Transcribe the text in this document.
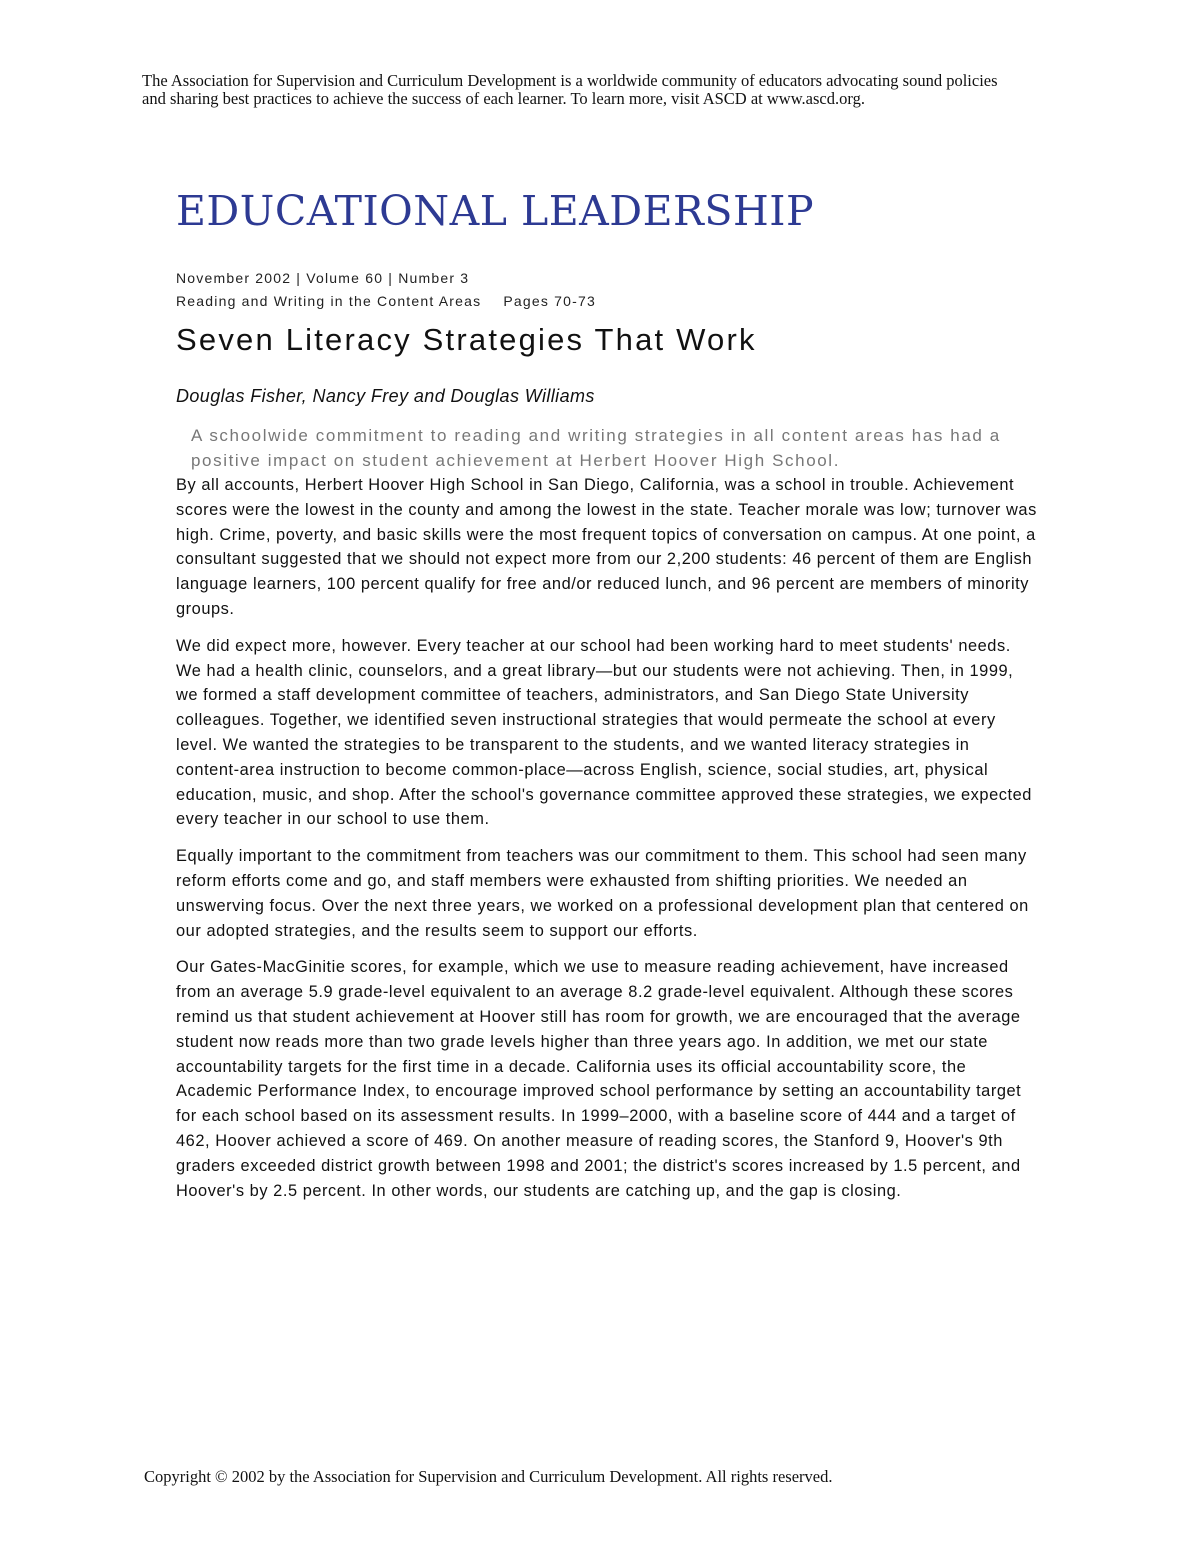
The Association for Supervision and Curriculum Development is a worldwide community of educators advocating sound policies and sharing best practices to achieve the success of each learner. To learn more, visit ASCD at www.ascd.org.
EDUCATIONAL LEADERSHIP
November 2002 | Volume 60 | Number 3
Reading and Writing in the Content Areas Pages 70-73
Seven Literacy Strategies That Work
Douglas Fisher, Nancy Frey and Douglas Williams
A schoolwide commitment to reading and writing strategies in all content areas has had a positive impact on student achievement at Herbert Hoover High School.

By all accounts, Herbert Hoover High School in San Diego, California, was a school in trouble. Achievement scores were the lowest in the county and among the lowest in the state. Teacher morale was low; turnover was high. Crime, poverty, and basic skills were the most frequent topics of conversation on campus. At one point, a consultant suggested that we should not expect more from our 2,200 students: 46 percent of them are English language learners, 100 percent qualify for free and/or reduced lunch, and 96 percent are members of minority groups.

We did expect more, however. Every teacher at our school had been working hard to meet students' needs. We had a health clinic, counselors, and a great library—but our students were not achieving. Then, in 1999, we formed a staff development committee of teachers, administrators, and San Diego State University colleagues. Together, we identified seven instructional strategies that would permeate the school at every level. We wanted the strategies to be transparent to the students, and we wanted literacy strategies in content-area instruction to become common-place—across English, science, social studies, art, physical education, music, and shop. After the school's governance committee approved these strategies, we expected every teacher in our school to use them.

Equally important to the commitment from teachers was our commitment to them. This school had seen many reform efforts come and go, and staff members were exhausted from shifting priorities. We needed an unswerving focus. Over the next three years, we worked on a professional development plan that centered on our adopted strategies, and the results seem to support our efforts.

Our Gates-MacGinitie scores, for example, which we use to measure reading achievement, have increased from an average 5.9 grade-level equivalent to an average 8.2 grade-level equivalent. Although these scores remind us that student achievement at Hoover still has room for growth, we are encouraged that the average student now reads more than two grade levels higher than three years ago. In addition, we met our state accountability targets for the first time in a decade. California uses its official accountability score, the Academic Performance Index, to encourage improved school performance by setting an accountability target for each school based on its assessment results. In 1999–2000, with a baseline score of 444 and a target of 462, Hoover achieved a score of 469. On another measure of reading scores, the Stanford 9, Hoover's 9th graders exceeded district growth between 1998 and 2001; the district's scores increased by 1.5 percent, and Hoover's by 2.5 percent. In other words, our students are catching up, and the gap is closing.

Copyright © 2002 by the Association for Supervision and Curriculum Development. All rights reserved.
